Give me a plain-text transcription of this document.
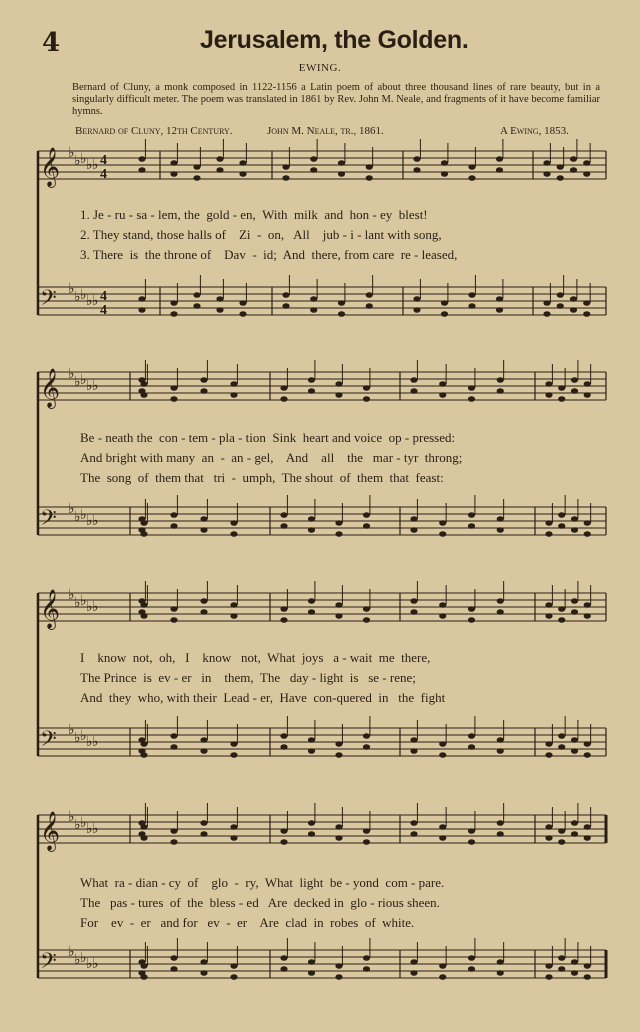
4	Jerusalem, the Golden.
EWING.
Bernard of Cluny, a monk composed in 1122-1156 a Latin poem of about three thousand lines of rare beauty, but in a singularly difficult meter. The poem was translated in 1861 by Rev. John M. Neale, and fragments of it have become familiar hymns.
Bernard of Cluny, 12th Century.	John M. Neale, tr., 1861.	A Ewing, 1853.
𝄞 ♭ ♭ ♭ ♭ ♭ 4
4
𝄢 ♭ ♭ ♭ ♭ ♭ 4
4
𝄞 ♭ ♭ ♭ ♭ ♭
𝄢 ♭ ♭ ♭ ♭ ♭
𝄞 ♭ ♭ ♭ ♭ ♭
𝄢 ♭ ♭ ♭ ♭ ♭
𝄞 ♭ ♭ ♭ ♭ ♭
𝄢 ♭ ♭ ♭ ♭ ♭
1. Je - ru - sa - lem, the  gold - en,  With  milk  and  hon - ey  blest!
2. They stand, those halls of    Zi  -  on,   All    jub - i - lant with song,
3. There  is  the throne of    Dav  -  id;  And  there, from care  re - leased,
Be - neath the  con - tem - pla - tion  Sink  heart and voice  op - pressed:
And bright with many  an  -  an - gel,    And    all    the   mar - tyr  throng;
The  song  of  them that   tri  -  umph,  The shout  of  them  that  feast:
I    know  not,  oh,   I    know   not,  What  joys   a - wait  me  there,
The Prince  is  ev - er   in    them,  The   day - light  is   se - rene;
And  they  who, with their  Lead - er,  Have  con-quered  in   the  fight
What  ra - dian - cy  of    glo  -  ry,  What  light  be - yond  com - pare.
The   pas - tures  of  the  bless - ed   Are  decked in  glo - rious sheen.
For    ev  -  er   and for   ev  -  er    Are  clad  in  robes  of  white.
